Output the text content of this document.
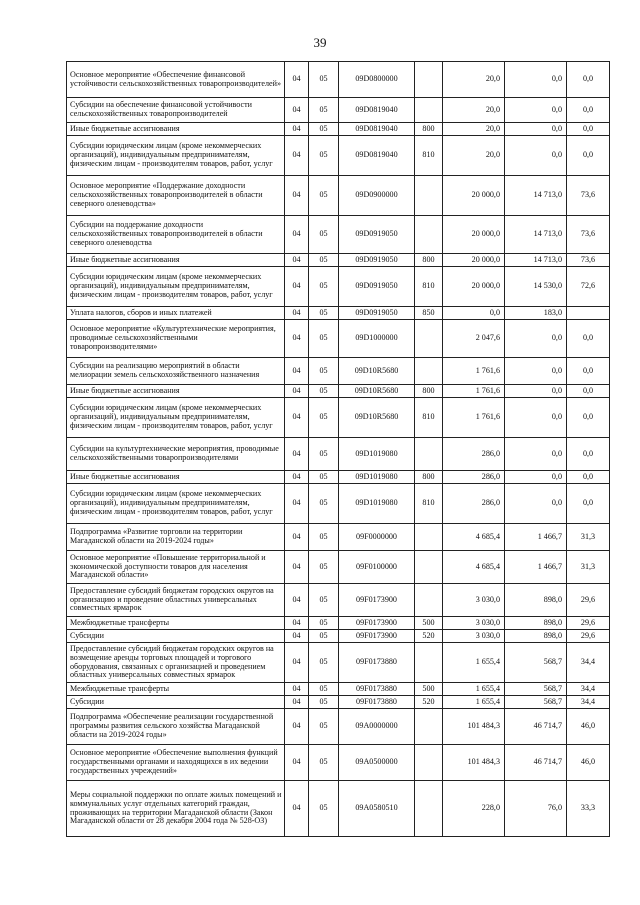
39
Основное мероприятие «Обеспечение финансовой устойчивости сельскохозяйственных товаропроизводителей»	04	05	09D0800000		20,0	0,0	0,0
Субсидии на обеспечение финансовой устойчивости сельскохозяйственных товаропроизводителей	04	05	09D0819040		20,0	0,0	0,0
Иные бюджетные ассигнования	04	05	09D0819040	800	20,0	0,0	0,0
Субсидии юридическим лицам (кроме некоммерческих организаций), индивидуальным предпринимателям, физическим лицам - производителям товаров, работ, услуг	04	05	09D0819040	810	20,0	0,0	0,0
Основное мероприятие «Поддержание доходности сельскохозяйственных товаропроизводителей в области северного оленеводства»	04	05	09D0900000		20 000,0	14 713,0	73,6
Субсидии на поддержание доходности сельскохозяйственных товаропроизводителей в области северного оленеводства	04	05	09D0919050		20 000,0	14 713,0	73,6
Иные бюджетные ассигнования	04	05	09D0919050	800	20 000,0	14 713,0	73,6
Субсидии юридическим лицам (кроме некоммерческих организаций), индивидуальным предпринимателям, физическим лицам - производителям товаров, работ, услуг	04	05	09D0919050	810	20 000,0	14 530,0	72,6
Уплата налогов, сборов и иных платежей	04	05	09D0919050	850	0,0	183,0	
Основное мероприятие «Культуртехнические мероприятия, проводимые сельскохозяйственными товаропроизводителями»	04	05	09D1000000		2 047,6	0,0	0,0
Субсидии на реализацию мероприятий в области мелиорации земель сельскохозяйственного назначения	04	05	09D10R5680		1 761,6	0,0	0,0
Иные бюджетные ассигнования	04	05	09D10R5680	800	1 761,6	0,0	0,0
Субсидии юридическим лицам (кроме некоммерческих организаций), индивидуальным предпринимателям, физическим лицам - производителям товаров, работ, услуг	04	05	09D10R5680	810	1 761,6	0,0	0,0
Субсидии на культуртехнические мероприятия, проводимые сельскохозяйственными товаропроизводителями	04	05	09D1019080		286,0	0,0	0,0
Иные бюджетные ассигнования	04	05	09D1019080	800	286,0	0,0	0,0
Субсидии юридическим лицам (кроме некоммерческих организаций), индивидуальным предпринимателям, физическим лицам - производителям товаров, работ, услуг	04	05	09D1019080	810	286,0	0,0	0,0
Подпрограмма «Развитие торговли на территории Магаданской области на 2019-2024 годы»	04	05	09F0000000		4 685,4	1 466,7	31,3
Основное мероприятие «Повышение территориальной и экономической доступности товаров для населения Магаданской области»	04	05	09F0100000		4 685,4	1 466,7	31,3
Предоставление субсидий бюджетам городских округов на организацию и проведение областных универсальных совместных ярмарок	04	05	09F0173900		3 030,0	898,0	29,6
Межбюджетные трансферты	04	05	09F0173900	500	3 030,0	898,0	29,6
Субсидии	04	05	09F0173900	520	3 030,0	898,0	29,6
Предоставление субсидий бюджетам городских округов на возмещение аренды торговых площадей и торгового оборудования, связанных с организацией и проведением областных универсальных совместных ярмарок	04	05	09F0173880		1 655,4	568,7	34,4
Межбюджетные трансферты	04	05	09F0173880	500	1 655,4	568,7	34,4
Субсидии	04	05	09F0173880	520	1 655,4	568,7	34,4
Подпрограмма «Обеспечение реализации государственной программы развития сельского хозяйства Магаданской области на 2019-2024 годы»	04	05	09А0000000		101 484,3	46 714,7	46,0
Основное мероприятие «Обеспечение выполнения функций государственными органами и находящихся в их ведении государственных учреждений»	04	05	09А0500000		101 484,3	46 714,7	46,0
Меры социальной поддержки по оплате жилых помещений и коммунальных услуг отдельных категорий граждан, проживающих на территории Магаданской области (Закон Магаданской области от 28 декабря 2004 года № 528-ОЗ)	04	05	09А0580510		228,0	76,0	33,3
